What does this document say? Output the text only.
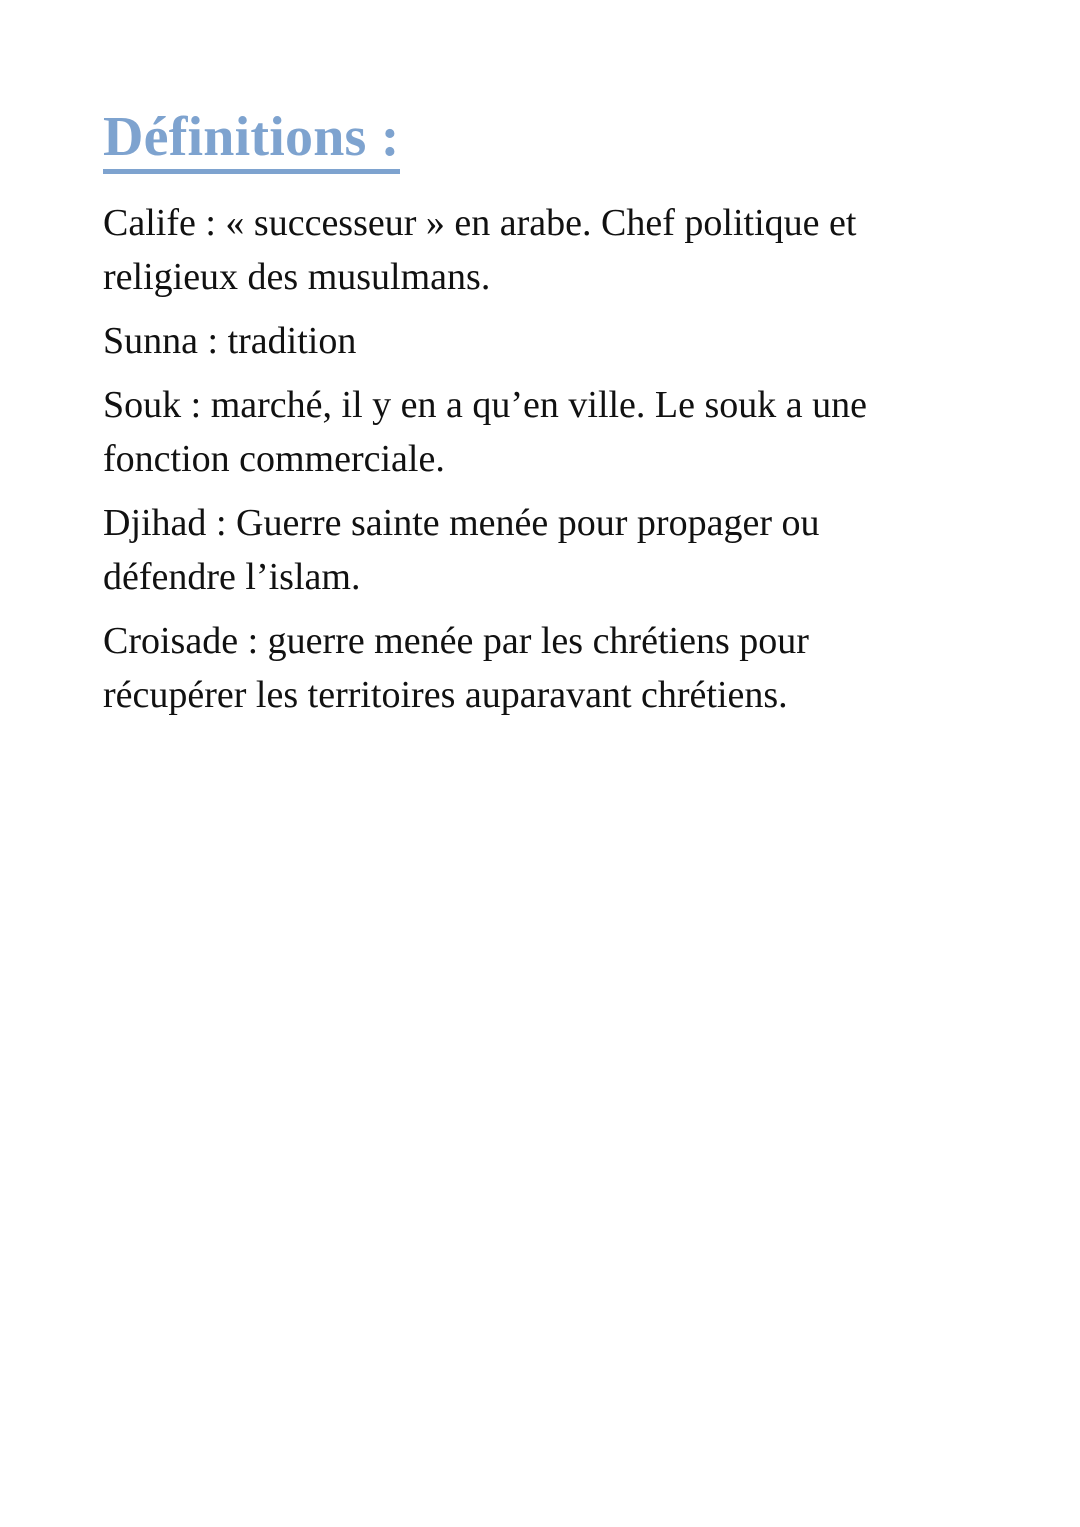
Définitions :

Calife : « successeur » en arabe. Chef politique et religieux des musulmans.

Sunna : tradition

Souk : marché, il y en a qu’en ville. Le souk a une fonction commerciale.

Djihad : Guerre sainte menée pour propager ou défendre l’islam.

Croisade : guerre menée par les chrétiens pour récupérer les territoires auparavant chrétiens.
